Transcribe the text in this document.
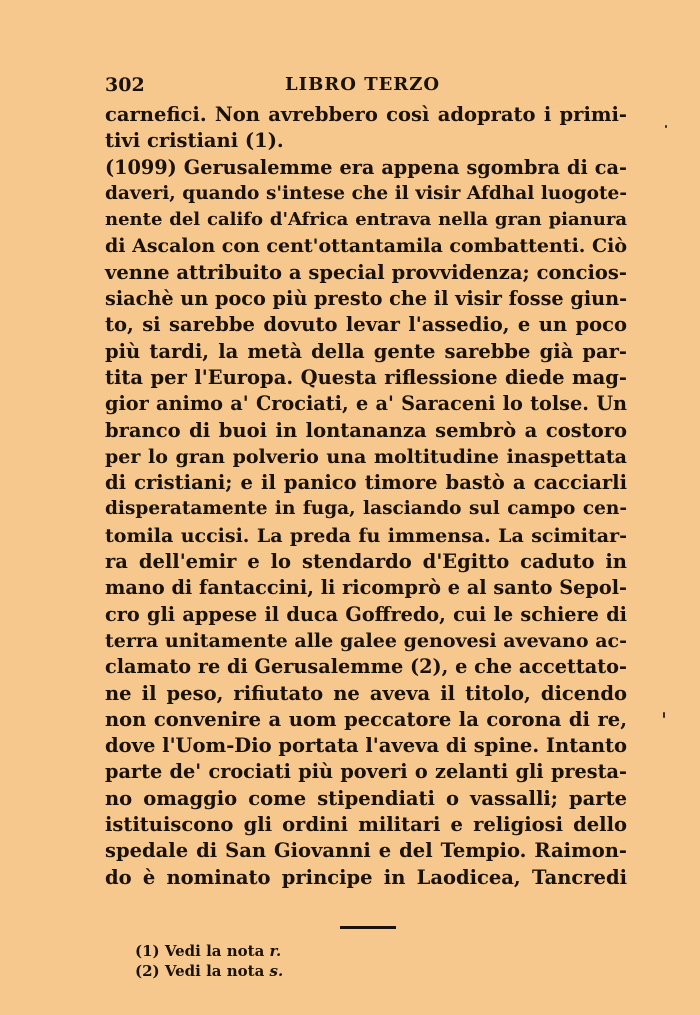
302	LIBRO TERZO
carnefici. Non avrebbero così adoprato i primi-
tivi cristiani (1).
(1099) Gerusalemme era appena sgombra di ca-
daveri, quando s'intese che il visir Afdhal luogote-
nente del califo d'Africa entrava nella gran pianura
di Ascalon con cent'ottantamila combattenti. Ciò
venne attribuito a special provvidenza; concios-
siachè un poco più presto che il visir fosse giun-
to, si sarebbe dovuto levar l'assedio, e un poco
più tardi, la metà della gente sarebbe già par-
tita per l'Europa. Questa riflessione diede mag-
gior animo a' Crociati, e a' Saraceni lo tolse. Un
branco di buoi in lontananza sembrò a costoro
per lo gran polverio una moltitudine inaspettata
di cristiani; e il panico timore bastò a cacciarli
disperatamente in fuga, lasciando sul campo cen-
tomila uccisi. La preda fu immensa. La scimitar-
ra dell'emir e lo stendardo d'Egitto caduto in
mano di fantaccini, li ricomprò e al santo Sepol-
cro gli appese il duca Goffredo, cui le schiere di
terra unitamente alle galee genovesi avevano ac-
clamato re di Gerusalemme (2), e che accettato-
ne il peso, rifiutato ne aveva il titolo, dicendo
non convenire a uom peccatore la corona di re,
dove l'Uom-Dio portata l'aveva di spine. Intanto
parte de' crociati più poveri o zelanti gli presta-
no omaggio come stipendiati o vassalli; parte
istituiscono gli ordini militari e religiosi dello
spedale di San Giovanni e del Tempio. Raimon-
do è nominato principe in Laodicea, Tancredi
(1) Vedi la nota r.
(2) Vedi la nota s.
